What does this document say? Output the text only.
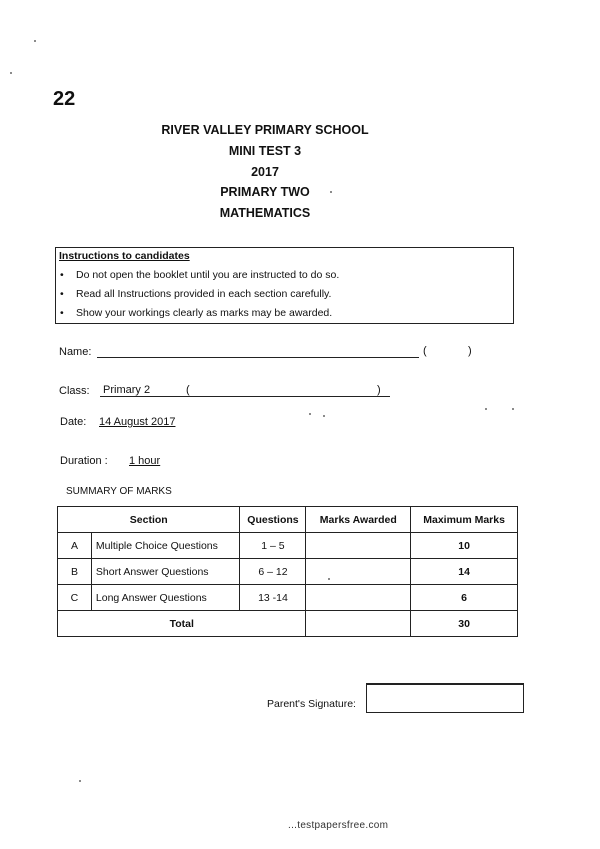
22
RIVER VALLEY PRIMARY SCHOOL
MINI TEST 3
2017
PRIMARY TWO
MATHEMATICS
Instructions to candidates
• Do not open the booklet until you are instructed to do so.
• Read all Instructions provided in each section carefully.
• Show your workings clearly as marks may be awarded.
Name:	(	)
Class: Primary 2	(	)
Date: 14 August 2017
Duration : 1 hour
SUMMARY OF MARKS
Section		Questions	Marks Awarded	Maximum Marks
A	Multiple Choice Questions	1 – 5		10
B	Short Answer Questions	6 – 12		14
C	Long Answer Questions	13 -14		6
Total				30
Parent's Signature:
...testpapersfree.com
